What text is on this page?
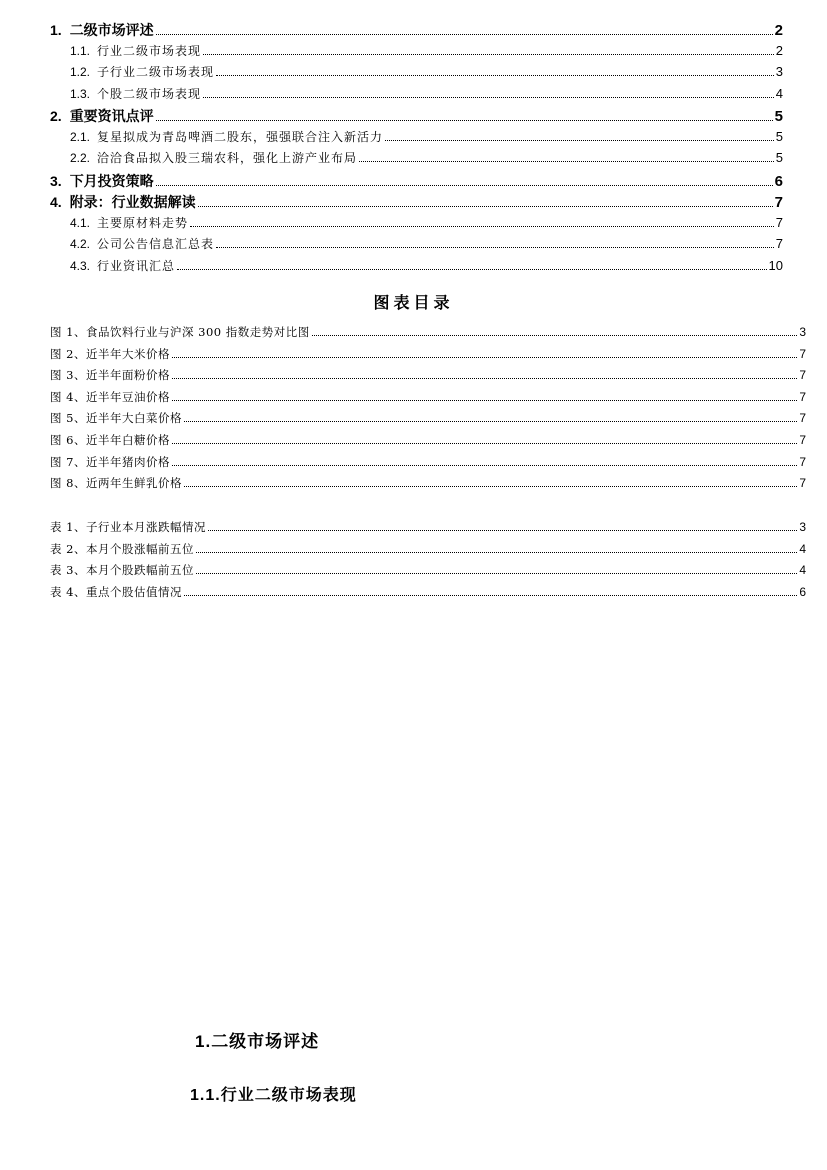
1. 二级市场评述	2
1.1. 行业二级市场表现	2
1.2. 子行业二级市场表现	3
1.3. 个股二级市场表现	4
2. 重要资讯点评	5
2.1. 复星拟成为青岛啤酒二股东，强强联合注入新活力	5
2.2. 洽洽食品拟入股三瑞农科，强化上游产业布局	5
3. 下月投资策略	6
4. 附录：行业数据解读	7
4.1. 主要原材料走势	7
4.2. 公司公告信息汇总表	7
4.3. 行业资讯汇总	10
图表目录
图 1、食品饮料行业与沪深 300 指数走势对比图	3
图 2、近半年大米价格	7
图 3、近半年面粉价格	7
图 4、近半年豆油价格	7
图 5、近半年大白菜价格	7
图 6、近半年白糖价格	7
图 7、近半年猪肉价格	7
图 8、近两年生鲜乳价格	7
表 1、子行业本月涨跌幅情况	3
表 2、本月个股涨幅前五位	4
表 3、本月个股跌幅前五位	4
表 4、重点个股估值情况	6
1.二级市场评述
1.1.行业二级市场表现
